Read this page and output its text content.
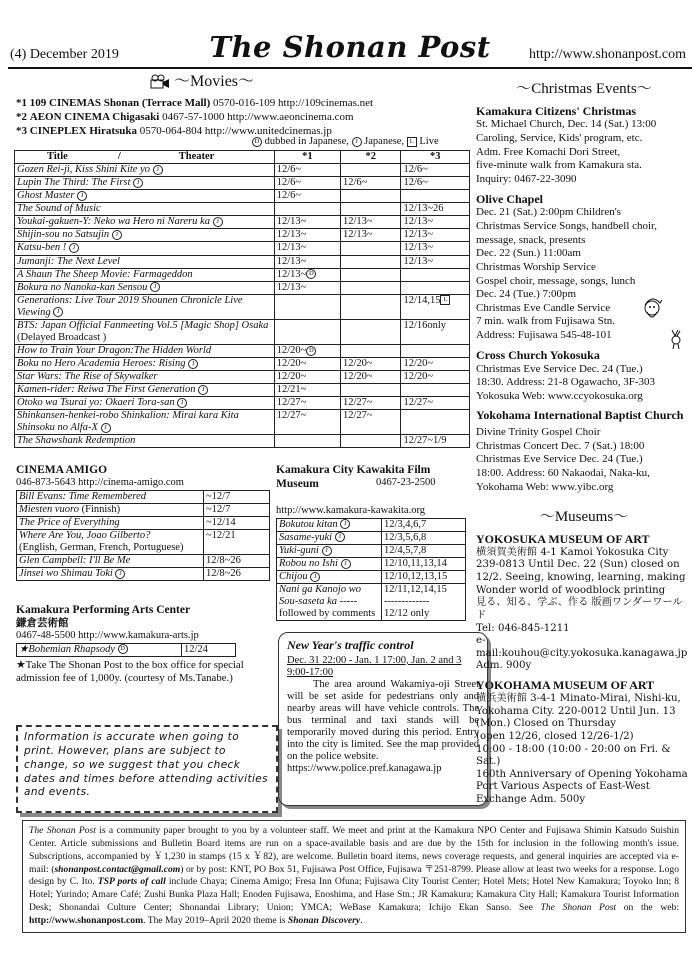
(4) December 2019	The Shonan Post	http://www.shonanpost.com
～Movies～
*1 109 CINEMAS Shonan (Terrace Mall) 0570-016-109 http://109cinemas.net
*2 AEON CINEMA Chigasaki 0467-57-1000 http://www.aeoncinema.com
*3 CINEPLEX Hiratsuka 0570-064-804 http://www.unitedcinemas.jp
D dubbed in Japanese, J Japanese, L Live
Title / Theater	*1	*2	*3
Gozen Rei-ji, Kiss Shini Kite yo J	12/6~		12/6~
Lupin The Third: The First J	12/6~	12/6~	12/6~
Ghost Master J	12/6~		
The Sound of Music			12/13~26
Youkai-gakuen-Y: Neko wa Hero ni Nareru ka J	12/13~	12/13~	12/13~
Shijin-sou no Satsujin J	12/13~	12/13~	12/13~
Katsu-ben ! J	12/13~		12/13~
Jumanji: The Next Level	12/13~		12/13~
A Shaun The Sheep Movie: Farmageddon	12/13~ D		
Bokura no Nanoka-kan Sensou J	12/13~		
Generations: Live Tour 2019 Shounen Chronicle Live Viewing J			12/14,15 L
BTS: Japan Official Fanmeeting Vol.5 [Magic Shop] Osaka
(Delayed Broadcast )			12/16only
How to Train Your Dragon:The Hidden World	12/20~ D		
Boku no Hero Academia Heroes: Rising J	12/20~	12/20~	12/20~
Star Wars: The Rise of Skywalker	12/20~	12/20~	12/20~
Kamen-rider: Reiwa The First Generation J	12/21~		
Otoko wa Tsurai yo: Okaeri Tora-san J	12/27~	12/27~	12/27~
Shinkansen-henkei-robo Shinkalion: Mirai kara Kita Shinsoku no Alfa-X J	12/27~	12/27~	
The Shawshank Redemption			12/27~1/9
CINEMA AMIGO
046-873-5643 http://cinema-amigo.com
Bill Evans: Time Remembered	~12/7
Miesten vuoro (Finnish)	~12/7
The Price of Everything	~12/14
Where Are You, Joao Gilberto?
(English, German, French, Portuguese)	~12/21
Glen Campbell: I'll Be Me	12/8~26
Jinsei wo Shimau Toki J	12/8~26
Kamakura City Kawakita Film Museum	0467-23-2500
http://www.kamakura-kawakita.org
Bokutou kitan J	12/3,4,6,7
Sasame-yuki J	12/3,5,6,8
Yuki-guni J	12/4,5,7,8
Robou no Ishi J	12/10,11,13,14
Chijou J	12/10,12,13,15
Nani ga Kanojo wo Sou-saseta ka -----
followed by comments	12/11,12,14,15
-------------
12/12 only
Kamakura Performing Arts Center
鎌倉芸術館
0467-48-5500 http://www.kamakura-arts.jp
★Bohemian Rhapsody D	12/24
★Take The Shonan Post to the box office for special admission fee of 1,000y. (courtesy of Ms.Tanabe.)
Information is accurate when going to print. However, plans are subject to change, so we suggest that you check dates and times before attending activities and events.
New Year's traffic control
Dec. 31 22:00 - Jan. 1 17:00, Jan. 2 and 3 9:00-17:00
The area around Wakamiya-oji Street will be set aside for pedestrians only and nearby areas will have vehicle controls. The bus terminal and taxi stands will be temporarily moved during this period. Entry into the city is limited. See the map provided on the police website.
https://www.police.pref.kanagawa.jp
～Christmas Events～
Kamakura Citizens' Christmas
St. Michael Church, Dec. 14 (Sat.) 13:00
Caroling, Service, Kids' program, etc.
Adm. Free Komachi Dori Street,
five-minute walk from Kamakura sta.
Inquiry: 0467-22-3090
Olive Chapel
Dec. 21 (Sat.) 2:00pm Children's
Christmas Service Songs, handbell choir,
message, snack, presents
Dec. 22 (Sun.) 11:00am
Christmas Worship Service
Gospel choir, message, songs, lunch
Dec. 24 (Tue.) 7:00pm
Christmas Eve Candle Service
7 min. walk from Fujisawa Stn.
Address: Fujisawa 545-48-101
Cross Church Yokosuka
Christmas Eve Service Dec. 24 (Tue.)
18:30. Address: 21-8 Ogawacho, 3F-303
Yokosuka Web: www.ccyokosuka.org
Yokohama International Baptist Church Divine Trinity Gospel Choir
Christmas Concert Dec. 7 (Sat.) 18:00
Christmas Eve Service Dec. 24 (Tue.)
18:00. Address: 60 Nakaodai, Naka-ku,
Yokohama Web: www.yibc.org
～Museums～
YOKOSUKA MUSEUM OF ART
横須賀美術館 4-1 Kamoi Yokosuka City
239-0813 Until Dec. 22 (Sun) closed on
12/2. Seeing, knowing, learning, making
Wonder world of woodblock printing
見る、知る、学ぶ、作る 版画ワンダーワールド
Tel: 046-845-1211
e-mail:kouhou@city.yokosuka.kanagawa.jp
Adm. 900y
YOKOHAMA MUSEUM OF ART
横浜美術館 3-4-1 Minato-Mirai, Nishi-ku,
Yokohama City. 220-0012 Until Jun. 13
(Mon.) Closed on Thursday
(open 12/26, closed 12/26-1/2)
10:00 - 18:00 (10:00 - 20:00 on Fri. & Sat.)
160th Anniversary of Opening Yokohama
Port Various Aspects of East-West
Exchange Adm. 500y
The Shonan Post is a community paper brought to you by a volunteer staff. We meet and print at the Kamakura NPO Center and Fujisawa Shimin Katsudo Suishin Center. Article submissions and Bulletin Board items are run on a space-available basis and are due by the 15th for inclusion in the following month's issue. Subscriptions, accompanied by ￥1,230 in stamps (15 x ￥82), are welcome. Bulletin board items, news coverage requests, and general inquiries are accepted via e-mail: (shonanpost.contact@gmail.com) or by post: KNT, PO Box 51, Fujisawa Post Office, Fujisawa 〒251-8799. Please allow at least two weeks for a response. Logo design by C. Ito. TSP ports of call include Chaya; Cinema Amigo; Fresa Inn Ofuna; Fujisawa City Tourist Center; Hotel Mets; Hotel New Kamakura; Toyoko Inn; 8 Hotel; Yurindo; Amare Café; Zushi Bunka Plaza Hall; Enoden Fujisawa, Enoshima, and Hase Stn.; JR Kamakura; Kamakura City Hall; Kamakura Tourist Information Desk; Shonandai Culture Center; Shonandai Library; Union; YMCA; WeBase Kamakura; Ichijo Ekan Sanso. See The Shonan Post on the web: http://www.shonanpost.com. The May 2019–April 2020 theme is Shonan Discovery.
